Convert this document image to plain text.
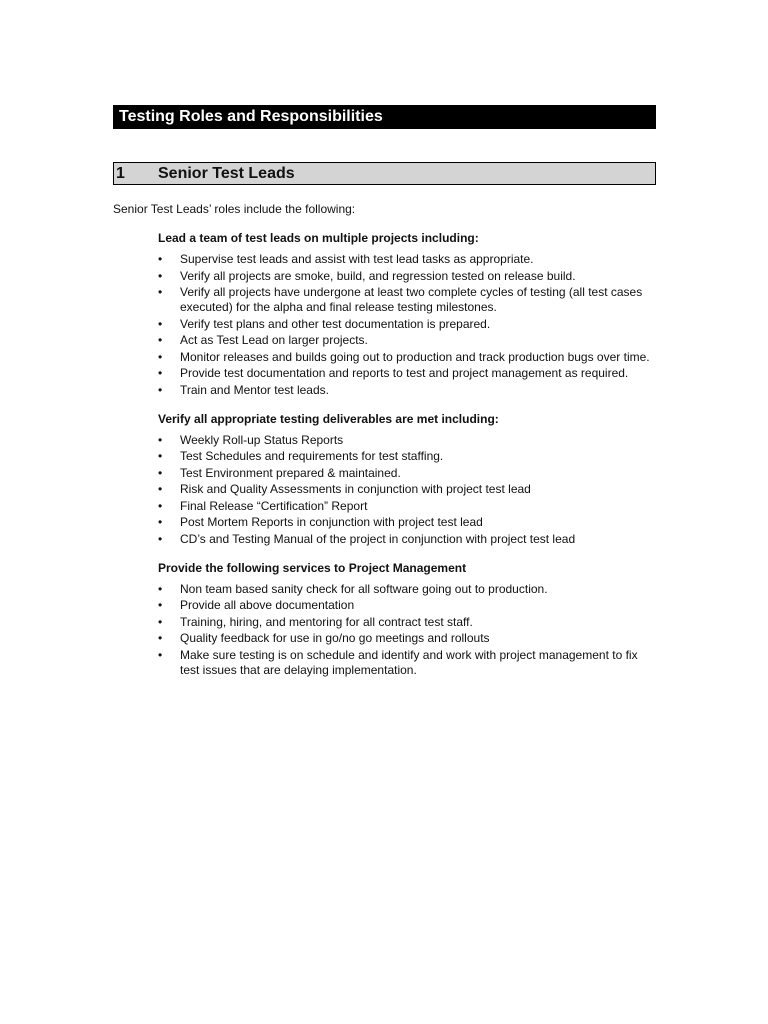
Testing Roles and Responsibilities
1	Senior Test Leads
Senior Test Leads’ roles include the following:
Lead a team of test leads on multiple projects including:
•	Supervise test leads and assist with test lead tasks as appropriate.
•	Verify all projects are smoke, build, and regression tested on release build.
•	Verify all projects have undergone at least two complete cycles of testing (all test cases executed) for the alpha and final release testing milestones.
•	Verify test plans and other test documentation is prepared.
•	Act as Test Lead on larger projects.
•	Monitor releases and builds going out to production and track production bugs over time.
•	Provide test documentation and reports to test and project management as required.
•	Train and Mentor test leads.
Verify all appropriate testing deliverables are met including:
•	Weekly Roll-up Status Reports
•	Test Schedules and requirements for test staffing.
•	Test Environment prepared & maintained.
•	Risk and Quality Assessments in conjunction with project test lead
•	Final Release “Certification” Report
•	Post Mortem Reports in conjunction with project test lead
•	CD’s and Testing Manual of the project in conjunction with project test lead
Provide the following services to Project Management
•	Non team based sanity check for all software going out to production.
•	Provide all above documentation
•	Training, hiring, and mentoring for all contract test staff.
•	Quality feedback for use in go/no go meetings and rollouts
•	Make sure testing is on schedule and identify and work with project management to fix test issues that are delaying implementation.
